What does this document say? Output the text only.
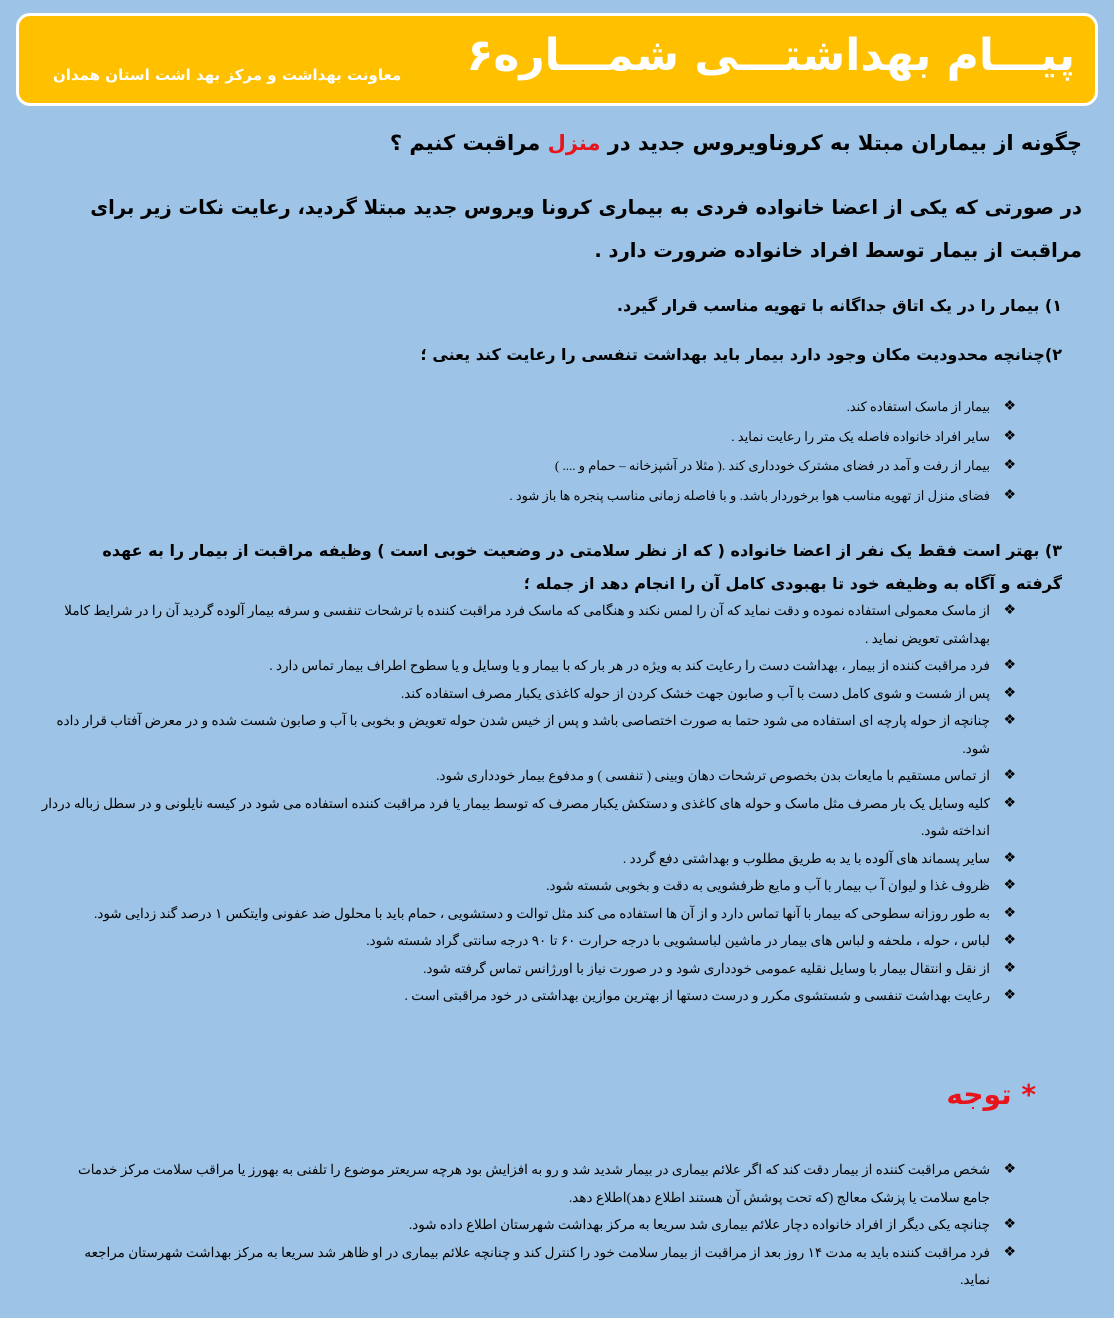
پیـــام بهداشتـــی شمـــاره۶
معاونت بهداشت و مرکز بهد اشت استان همدان
چگونه از بیماران مبتلا به کروناویروس جدید در منزل مراقبت کنیم ؟
در صورتی که یکی از اعضا خانواده فردی به بیماری کرونا ویروس جدید مبتلا گردید، رعایت نکات زیر برای مراقبت از بیمار توسط افراد خانواده ضرورت دارد .
۱) بیمار را در یک اتاق جداگانه با تهویه مناسب قرار گیرد.
۲)چنانچه محدودیت مکان وجود دارد بیمار باید بهداشت تنفسی را رعایت کند یعنی ؛
❖
بیمار از ماسک استفاده کند.
❖
سایر افراد خانواده فاصله یک متر را رعایت نماید .
❖
بیمار از رفت و آمد در فضای مشترک خودداری کند .( مثلا در آشپزخانه – حمام و .... )
❖
فضای منزل از تهویه مناسب هوا برخوردار باشد. و با فاصله زمانی مناسب پنجره ها باز شود .
۳) بهتر است فقط یک نفر از اعضا خانواده ( که از نظر سلامتی در وضعیت خوبی است ) وظیفه مراقبت از بیمار را به عهده گرفته و آگاه به وظیفه خود تا بهبودی کامل آن را انجام دهد از جمله ؛
❖
از ماسک معمولی استفاده نموده و دقت نماید که آن را لمس نکند و هنگامی که ماسک فرد مراقبت کننده با ترشحات تنفسی و سرفه بیمار آلوده گردید آن را در شرایط کاملا بهداشتی تعویض نماید .
❖
فرد مراقبت کننده از بیمار ، بهداشت دست را رعایت کند به ویژه در هر بار که با بیمار و یا وسایل و یا سطوح اطراف بیمار تماس دارد .
❖
پس از شست و شوی کامل دست با آب و صابون جهت خشک کردن از حوله کاغذی یکبار مصرف استفاده کند.
❖
چنانچه از حوله پارچه ای استفاده می شود حتما به صورت اختصاصی باشد و پس از خیس شدن حوله تعویض و بخوبی با آب و صابون شست شده و در معرض آفتاب قرار داده شود.
❖
از تماس مستقیم با مایعات بدن بخصوص ترشحات دهان وبینی ( تنفسی ) و مدفوع بیمار خودداری شود.
❖
کلیه وسایل یک بار مصرف مثل ماسک و حوله های کاغذی و دستکش یکبار مصرف که توسط بیمار یا فرد مراقبت کننده استفاده می شود در کیسه نایلونی و در سطل زباله دردار انداخته شود.
❖
سایر پسماند های آلوده با ید به طریق مطلوب و بهداشتی دفع گردد .
❖
ظروف غذا و لیوان آ ب بیمار با آب و مایع ظرفشویی به دقت و بخوبی شسته شود.
❖
به طور روزانه سطوحی که بیمار با آنها تماس دارد و از آن ها استفاده می کند مثل توالت و دستشویی ، حمام باید با محلول ضد عفونی وایتکس ۱ درصد گند زدایی شود.
❖
لباس ، حوله ، ملحفه و لباس های بیمار در ماشین لباسشویی با درجه حرارت ۶۰ تا ۹۰ درجه سانتی گراد شسته شود.
❖
از نقل و انتقال بیمار با وسایل نقلیه عمومی خودداری شود و در صورت نیاز با اورژانس تماس گرفته شود.
❖
رعایت بهداشت تنفسی و شستشوی مکرر و درست دستها از بهترین موازین بهداشتی در خود مراقبتی است .
* توجه
❖
شخص مراقبت کننده از بیمار دقت کند که اگر علائم بیماری در بیمار شدید شد و رو به افزایش بود هرچه سریعتر موضوع را تلفنی به بهورز یا مراقب سلامت مرکز خدمات جامع سلامت یا پزشک معالج (که تحت پوشش آن هستند اطلاع دهد)اطلاع دهد.
❖
چنانچه یکی دیگر از افراد خانواده دچار علائم بیماری شد سریعا به مرکز بهداشت شهرستان اطلاع داده شود.
❖
فرد مراقبت کننده باید به مدت ۱۴ روز بعد از مراقبت از بیمار سلامت خود را کنترل کند و چنانچه علائم بیماری در او ظاهر شد سریعا به مرکز بهداشت شهرستان مراجعه نماید.
